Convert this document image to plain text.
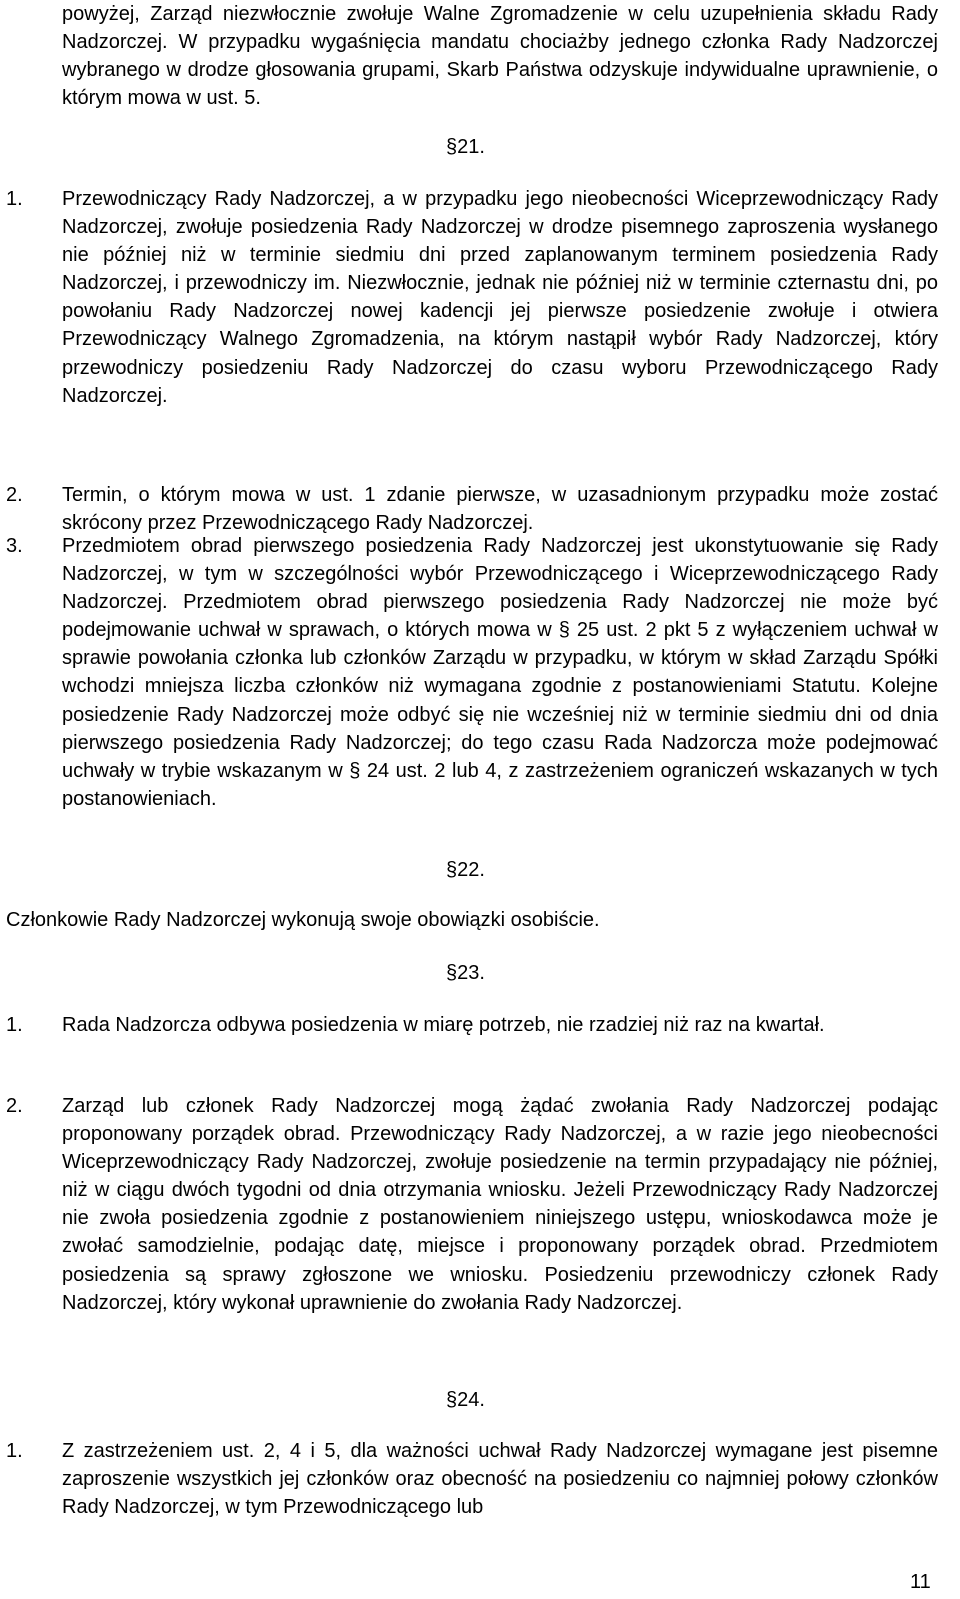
powyżej, Zarząd niezwłocznie zwołuje Walne Zgromadzenie w celu uzupełnienia składu Rady Nadzorczej. W przypadku wygaśnięcia mandatu chociażby jednego członka Rady Nadzorczej wybranego w drodze głosowania grupami, Skarb Państwa odzyskuje indywidualne uprawnienie, o którym mowa w ust. 5.
§21.
1. Przewodniczący Rady Nadzorczej, a w przypadku jego nieobecności Wiceprzewodniczący Rady Nadzorczej, zwołuje posiedzenia Rady Nadzorczej w drodze pisemnego zaproszenia wysłanego nie później niż w terminie siedmiu dni przed zaplanowanym terminem posiedzenia Rady Nadzorczej, i przewodniczy im. Niezwłocznie, jednak nie później niż w terminie czternastu dni, po powołaniu Rady Nadzorczej nowej kadencji jej pierwsze posiedzenie zwołuje i otwiera Przewodniczący Walnego Zgromadzenia, na którym nastąpił wybór Rady Nadzorczej, który przewodniczy posiedzeniu Rady Nadzorczej do czasu wyboru Przewodniczącego Rady Nadzorczej.
2. Termin, o którym mowa w ust. 1 zdanie pierwsze, w uzasadnionym przypadku może zostać skrócony przez Przewodniczącego Rady Nadzorczej.
3. Przedmiotem obrad pierwszego posiedzenia Rady Nadzorczej jest ukonstytuowanie się Rady Nadzorczej, w tym w szczególności wybór Przewodniczącego i Wiceprzewodniczącego Rady Nadzorczej. Przedmiotem obrad pierwszego posiedzenia Rady Nadzorczej nie może być podejmowanie uchwał w sprawach, o których mowa w § 25 ust. 2 pkt 5 z wyłączeniem uchwał w sprawie powołania członka lub członków Zarządu w przypadku, w którym w skład Zarządu Spółki wchodzi mniejsza liczba członków niż wymagana zgodnie z postanowieniami Statutu. Kolejne posiedzenie Rady Nadzorczej może odbyć się nie wcześniej niż w terminie siedmiu dni od dnia pierwszego posiedzenia Rady Nadzorczej; do tego czasu Rada Nadzorcza może podejmować uchwały w trybie wskazanym w § 24 ust. 2 lub 4, z zastrzeżeniem ograniczeń wskazanych w tych postanowieniach.
§22.
Członkowie Rady Nadzorczej wykonują swoje obowiązki osobiście.
§23.
1. Rada Nadzorcza odbywa posiedzenia w miarę potrzeb, nie rzadziej niż raz na kwartał.
2. Zarząd lub członek Rady Nadzorczej mogą żądać zwołania Rady Nadzorczej podając proponowany porządek obrad. Przewodniczący Rady Nadzorczej, a w razie jego nieobecności Wiceprzewodniczący Rady Nadzorczej, zwołuje posiedzenie na termin przypadający nie później, niż w ciągu dwóch tygodni od dnia otrzymania wniosku. Jeżeli Przewodniczący Rady Nadzorczej nie zwoła posiedzenia zgodnie z postanowieniem niniejszego ustępu, wnioskodawca może je zwołać samodzielnie, podając datę, miejsce i proponowany porządek obrad. Przedmiotem posiedzenia są sprawy zgłoszone we wniosku. Posiedzeniu przewodniczy członek Rady Nadzorczej, który wykonał uprawnienie do zwołania Rady Nadzorczej.
§24.
1. Z zastrzeżeniem ust. 2, 4 i 5, dla ważności uchwał Rady Nadzorczej wymagane jest pisemne zaproszenie wszystkich jej członków oraz obecność na posiedzeniu co najmniej połowy członków Rady Nadzorczej, w tym Przewodniczącego lub
11
